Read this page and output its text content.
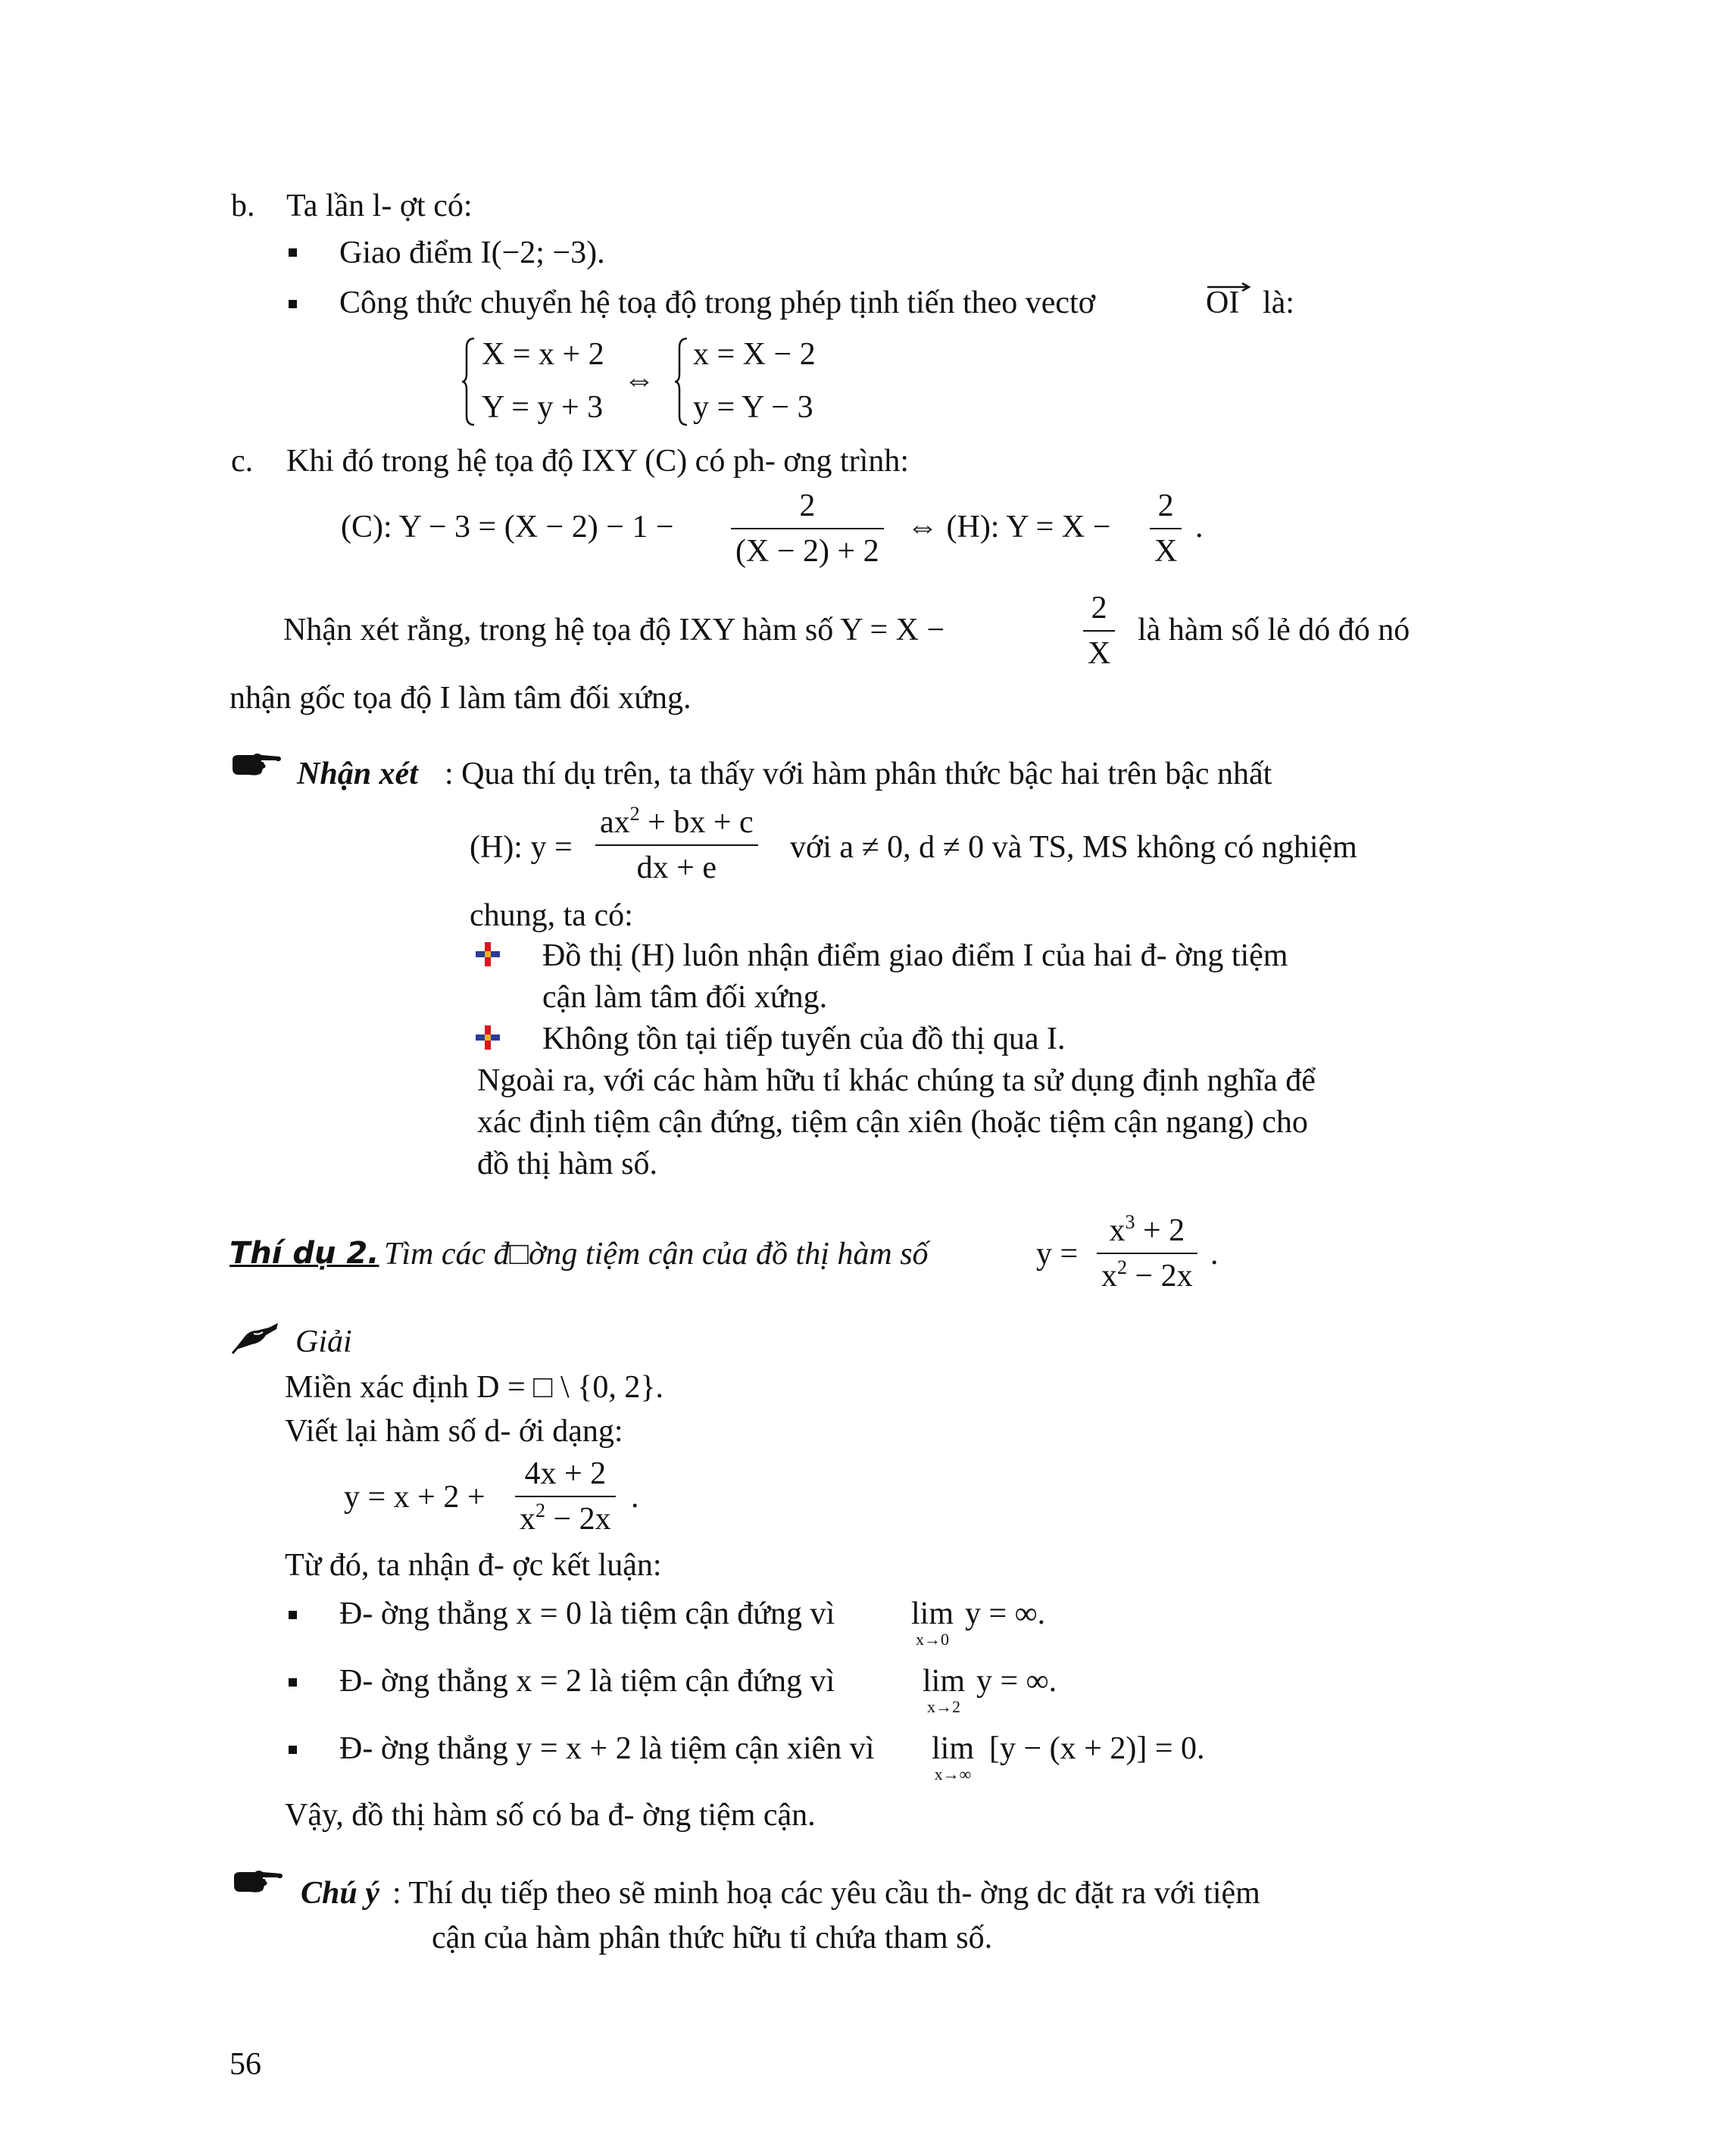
b. Ta lần l- ợt có:
Giao điểm I(−2; −3).
Công thức chuyển hệ toạ độ trong phép tịnh tiến theo vectơ	OI là:
X = x + 2
Y = y + 3
⇔
x = X − 2
y = Y − 3
c. Khi đó trong hệ tọa độ IXY (C) có ph- ơng trình:
(C): Y − 3 = (X − 2) − 1 −
2
(X − 2) + 2
⇔ (H): Y = X −
2
X
.
Nhận xét rằng, trong hệ tọa độ IXY hàm số Y = X −
2
X
là hàm số lẻ dó đó nó
nhận gốc tọa độ I làm tâm đối xứng.
Nhận xét : Qua thí dụ trên, ta thấy với hàm phân thức bậc hai trên bậc nhất
(H): y =
$ax^2$ + bx + c
dx + e
với a ≠ 0, d ≠ 0 và TS, MS không có nghiệm
chung, ta có:
Đồ thị (H) luôn nhận điểm giao điểm I của hai đ- ờng tiệm
cận làm tâm đối xứng.
Không tồn tại tiếp tuyến của đồ thị qua I.
Ngoài ra, với các hàm hữu tỉ khác chúng ta sử dụng định nghĩa để
xác định tiệm cận đứng, tiệm cận xiên (hoặc tiệm cận ngang) cho
đồ thị hàm số.
Thí dụ 2. Tìm các đ□ờng tiệm cận của đồ thị hàm số	y =
$x^3 + 2$
$x^2 - 2x$
.
Giải
Miền xác định D = □ \ {0, 2}.
Viết lại hàm số d- ới dạng:
y = x + 2 +
4x + 2
$x^2 - 2x$
.
Từ đó, ta nhận đ- ợc kết luận:
Đ- ờng thẳng x = 0 là tiệm cận đứng vì lim
x→0
y = ∞.
Đ- ờng thẳng x = 2 là tiệm cận đứng vì	lim
x→2
y = ∞.
Đ- ờng thẳng y = x + 2 là tiệm cận xiên vì lim
x→∞
[y − (x + 2)] = 0.
Vậy, đồ thị hàm số có ba đ- ờng tiệm cận.
Chú ý : Thí dụ tiếp theo sẽ minh hoạ các yêu cầu th- ờng dc đặt ra với tiệm
cận của hàm phân thức hữu tỉ chứa tham số.
56
